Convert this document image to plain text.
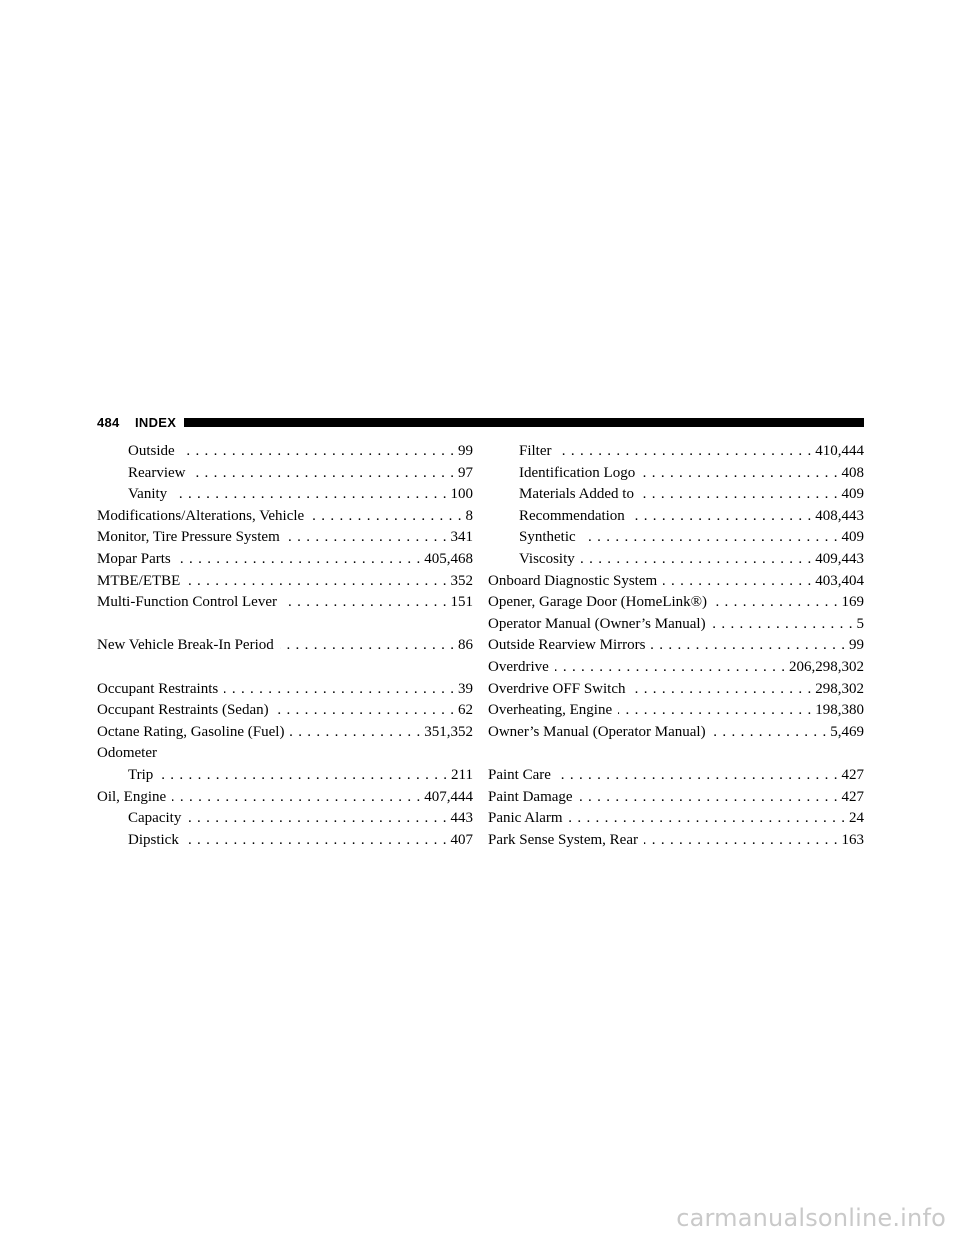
484 INDEX
Outside . . .	99
Rearview . . .	97
Vanity . . .	100
Modifications/Alterations, Vehicle . . .	8
Monitor, Tire Pressure System . . .	341
Mopar Parts . . .	405,468
MTBE/ETBE . . .	352
Multi-Function Control Lever . . .	151
New Vehicle Break-In Period . . .	86
Occupant Restraints . . .	39
Occupant Restraints (Sedan) . . .	62
Octane Rating, Gasoline (Fuel) . . .	351,352
Odometer
Trip . . .	211
Oil, Engine . . .	407,444
Capacity . . .	443
Dipstick . . .	407
Filter . . .	410,444
Identification Logo . . .	408
Materials Added to . . .	409
Recommendation . . .	408,443
Synthetic . . .	409
Viscosity . . .	409,443
Onboard Diagnostic System . . .	403,404
Opener, Garage Door (HomeLink®) . . .	169
Operator Manual (Owner’s Manual) . . .	5
Outside Rearview Mirrors . . .	99
Overdrive . . .	206,298,302
Overdrive OFF Switch . . .	298,302
Overheating, Engine . . .	198,380
Owner’s Manual (Operator Manual) . . .	5,469
Paint Care . . .	427
Paint Damage . . .	427
Panic Alarm . . .	24
Park Sense System, Rear . . .	163
carmanualsonline.info
